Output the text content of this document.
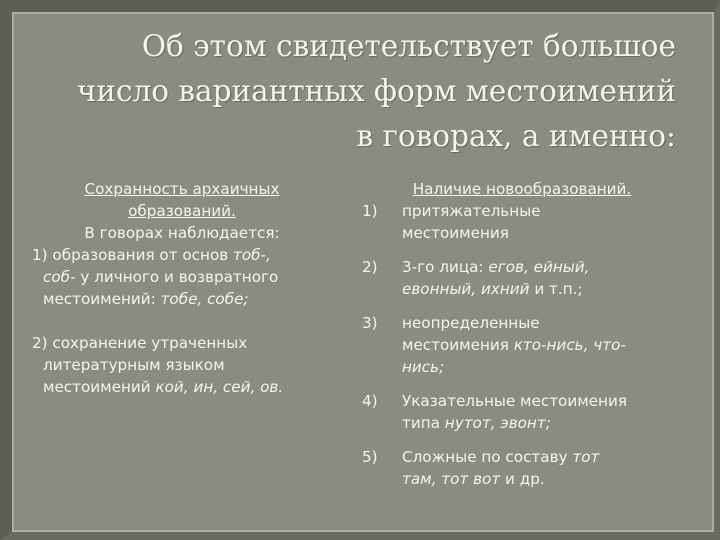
Об этом свидетельствует большое
число вариантных форм местоимений
в говорах, а именно:
Сохранность архаичных
образований.
В говорах наблюдается:
1) образования от основ тоб-,
соб- у личного и возвратного
местоимений: тобе, собе;
2) сохранение утраченных
литературным языком
местоимений кой, ин, сей, ов.
Наличие новообразований.
1) притяжательные
местоимения
2) 3-го лица: егов, ейный,
евонный, ихний и т.п.;
3) неопределенные
местоимения кто-нись, что-
нись;
4) Указательные местоимения
типа нутот, эвонт;
5) Сложные по составу тот
там, тот вот и др.
